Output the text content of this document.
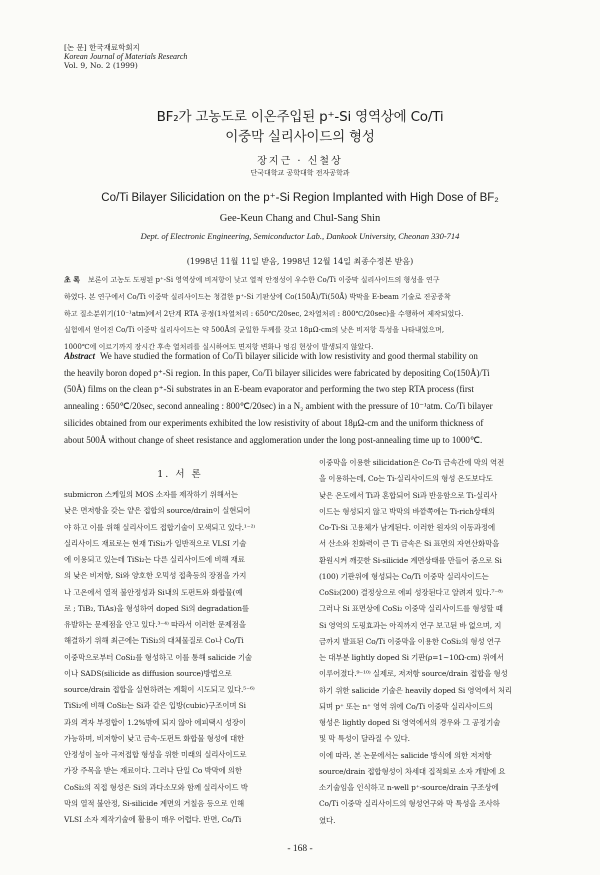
[논 문] 한국재료학회지
Korean Journal of Materials Research
Vol. 9, No. 2 (1999)
BF₂가 고농도로 이온주입된 p⁺-Si 영역상에 Co/Ti
이중막 실리사이드의 형성
장지근 · 신철상
단국대학교 공학대학 전자공학과
Co/Ti Bilayer Silicidation on the p⁺-Si Region Implanted with High Dose of BF₂
Gee-Keun Chang and Chul-Sang Shin
Dept. of Electronic Engineering, Semiconductor Lab., Dankook University, Cheonan 330-714
(1998년 11월 11일 받음, 1998년 12월 14일 최종수정본 받음)
초 록 보론이 고농도 도핑된 p⁺-Si 영역상에 비저항이 낮고 열적 안정성이 우수한 Co/Ti 이중막 실리사이드의 형성을 연구
하였다. 본 연구에서 Co/Ti 이중막 실리사이드는 청결한 p⁺-Si 기판상에 Co(150Å)/Ti(50Å) 박막을 E-beam 기술로 진공증착
하고 질소분위기(10⁻¹atm)에서 2단계 RTA 공정(1차열처리 : 650℃/20sec, 2차열처리 : 800℃/20sec)을 수행하여 제작되었다.
실험에서 얻어진 Co/Ti 이중막 실리사이드는 약 500Å의 균일한 두께를 갖고 18μΩ-cm의 낮은 비저항 특성을 나타내었으며,
1000℃에 이르기까지 장시간 후속 열처리를 실시하여도 면저항 변화나 엉김 현상이 발생되지 않았다.
Abstract We have studied the formation of Co/Ti bilayer silicide with low resistivity and good thermal stability on
the heavily boron doped p⁺-Si region. In this paper, Co/Ti bilayer silicides were fabricated by depositing Co(150Å)/Ti
(50Å) films on the clean p⁺-Si substrates in an E-beam evaporator and performing the two step RTA process (first
annealing : 650℃/20sec, second annealing : 800℃/20sec) in a N₂ ambient with the pressure of 10⁻¹atm. Co/Ti bilayer
silicides obtained from our experiments exhibited the low resistivity of about 18μΩ-cm and the uniform thickness of
about 500Å without change of sheet resistance and agglomeration under the long post-annealing time up to 1000℃.
1. 서 론
submicron 스케일의 MOS 소자를 제작하기 위해서는
낮은 면저항을 갖는 얕은 접합의 source/drain이 실현되어
야 하고 이를 위해 실리사이드 접합기술이 모색되고 있다.¹⁻²⁾
실리사이드 재료로는 현재 TiSi₂가 일반적으로 VLSI 기술
에 이용되고 있는데 TiSi₂는 다른 실리사이드에 비해 재료
의 낮은 비저항, Si와 양호한 오믹성 접촉등의 장점을 가지
나 고온에서 열적 불안정성과 Si내의 도펀트와 화합물(예
로 ; TiB₂, TiAs)을 형성하여 doped Si의 degradation를
유발하는 문제점을 안고 있다.³⁻⁴⁾ 따라서 이러한 문제점을
해결하기 위해 최근에는 TiSi₂의 대체물질로 Co나 Co/Ti
이중막으로부터 CoSi₂를 형성하고 이를 통해 salicide 기술
이나 SADS(silicide as diffusion source)방법으로
source/drain 접합을 실현하려는 계획이 시도되고 있다.⁵⁻⁶⁾
TiSi₂에 비해 CoSi₂는 Si과 같은 입방(cubic)구조이며 Si
과의 격자 부정합이 1.2%밖에 되지 않아 에피택시 성장이
가능하며, 비저항이 낮고 금속-도펀트 화합물 형성에 대한
안정성이 높아 극저접합 형성을 위한 미래의 실리사이드로
가장 주목을 받는 재료이다. 그러나 단일 Co 박막에 의한
CoSi₂의 직접 형성은 Si의 과다소모와 함께 실리사이드 박
막의 열적 불안정, Si-silicide 계면의 거칠음 등으로 인해
VLSI 소자 제작기술에 활용이 매우 어렵다. 반면, Co/Ti
이중막을 이용한 silicidation은 Co-Ti 금속간에 막의 역전
을 이용하는데, Co는 Ti-실리사이드의 형성 온도보다도
낮은 온도에서 Ti과 혼합되어 Si과 반응함으로 Ti-실리사
이드는 형성되지 않고 박막의 바깥쪽에는 Ti-rich상태의
Co-Ti-Si 고용체가 남게된다. 이러한 원자의 이동과정에
서 산소와 친화력이 큰 Ti 금속은 Si 표면의 자연산화막을
환원시켜 깨끗한 Si-silicide 계면상태를 만들어 줌으로 Si
(100) 기판위에 형성되는 Co/Ti 이중막 실리사이드는
CoSi₂(200) 결정상으로 에피 성장된다고 알려져 있다.⁷⁻⁸⁾
그러나 Si 표면상에 CoSi₂ 이중막 실리사이드를 형성할 때
Si 영역의 도핑효과는 아직까지 연구 보고된 바 없으며, 지
금까지 발표된 Co/Ti 이중막을 이용한 CoSi₂의 형성 연구
는 대부분 lightly doped Si 기판(ρ=1~10Ω-cm) 위에서
이루어졌다.⁹⁻¹⁰⁾ 실제로, 저저항 source/drain 접합을 형성
하기 위한 salicide 기술은 heavily doped Si 영역에서 처리
되며 p⁺ 또는 n⁺ 영역 위에 Co/Ti 이중막 실리사이드의
형성은 lightly doped Si 영역에서의 경우와 그 공정기술
및 막 특성이 달라질 수 있다.
이에 따라, 본 논문에서는 salicide 방식에 의한 저저항
source/drain 접합형성이 차세대 집적회로 소자 개발에 요
소기술임을 인식하고 n-well p⁺-source/drain 구조상에
Co/Ti 이중막 실리사이드의 형성연구와 막 특성을 조사하
였다.
- 168 -
